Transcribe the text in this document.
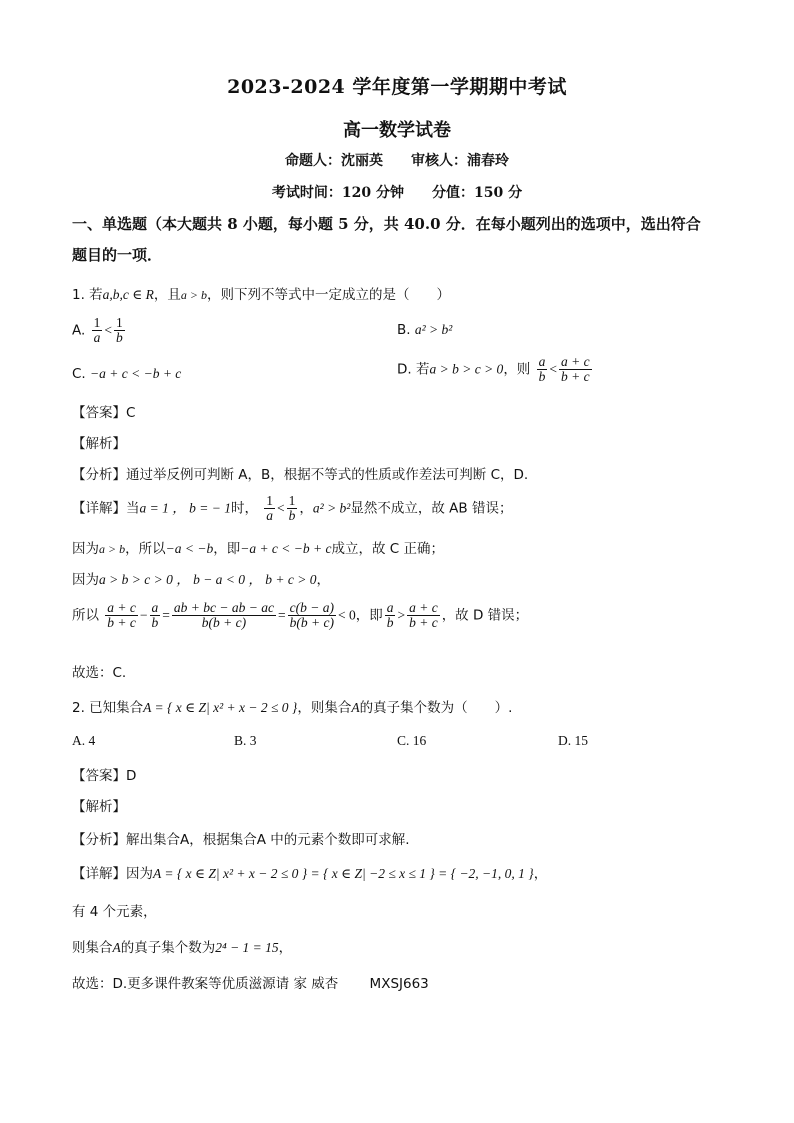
2023-2024 学年度第一学期期中考试
高一数学试卷
命题人：沈丽英　　审核人：浦春玲
考试时间：120 分钟　　分值：150 分
一、单选题（本大题共 8 小题，每小题 5 分，共 40.0 分．在每小题列出的选项中，选出符合
题目的一项．
1. 若a,b,c ∈ R，且a > b，则下列不等式中一定成立的是（　　）
A. $\frac{1}{a} < \frac{1}{b}$	B. a² > b²
C. −a + c < −b + c	D. 若a > b > c > 0，则 $\frac{a}{b} < \frac{a + c}{b + c}$
【答案】C
【解析】
【分析】通过举反例可判断 A，B，根据不等式的性质或作差法可判断 C，D.
【详解】当a = 1 ， b = − 1时， $\frac{1}{a} < \frac{1}{b}$ ，a² > b²显然不成立，故 AB 错误；
因为a > b，所以−a < −b，即−a + c < −b + c成立，故 C 正确；
因为a > b > c > 0 ， b − a < 0 ， b + c > 0，
所以 $\frac{a + c}{b + c} - \frac{a}{b} = \frac{ab + bc - ab - ac}{b(b + c)} = \frac{c(b - a)}{b(b + c)} < 0$，即 $\frac{a}{b} > \frac{a + c}{b + c}$ ，故 D 错误；
故选：C.
2. 已知集合A = { x ∈ Z| x² + x − 2 ≤ 0 }，则集合A的真子集个数为（　　）.
A. 4	B. 3	C. 16	D. 15
【答案】D
【解析】
【分析】解出集合A，根据集合A 中的元素个数即可求解.
【详解】因为A = { x ∈ Z| x² + x − 2 ≤ 0 } = { x ∈ Z| −2 ≤ x ≤ 1 } = { −2, −1, 0, 1 }，
有 4 个元素，
则集合A的真子集个数为2⁴ − 1 = 15，
故选：D.更多课件教案等优质滋源请 家 威杏　　 MXSJ663
